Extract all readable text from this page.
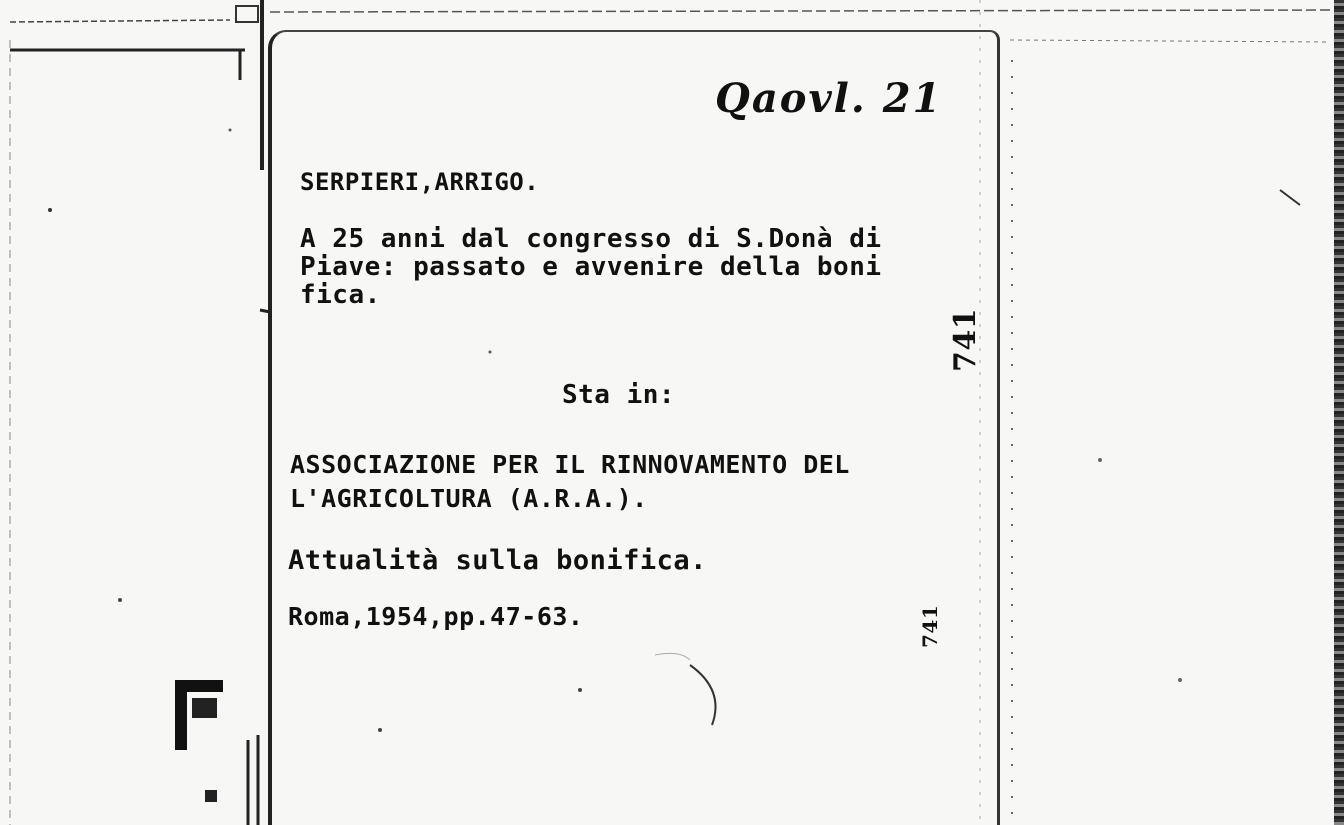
Qaovl. 21
SERPIERI,ARRIGO.
A 25 anni dal congresso di S.Donà di
Piave: passato e avvenire della boni
fica.
741
Sta in:
ASSOCIAZIONE PER IL RINNOVAMENTO DEL
L'AGRICOLTURA (A.R.A.).
Attualità sulla bonifica.
Roma,1954,pp.47-63.	741
